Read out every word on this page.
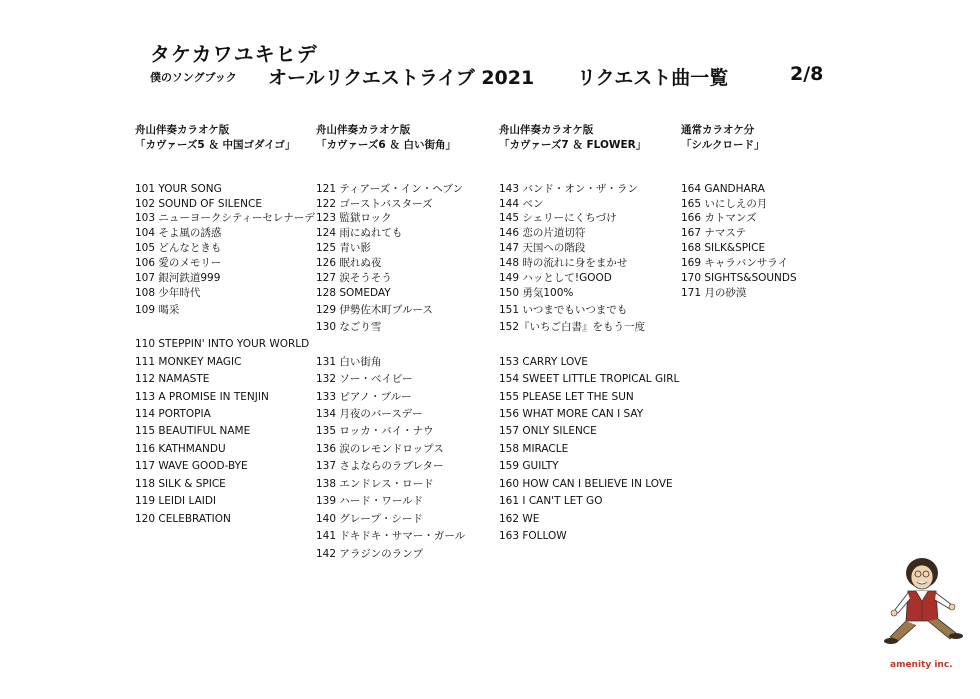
タケカワユキヒデ
僕のソングブック オールリクエストライブ 2021 リクエスト曲一覧	2/8
舟山伴奏カラオケ版
「カヴァーズ5 ＆ 中国ゴダイゴ」
101 YOUR SONG
102 SOUND OF SILENCE
103 ニューヨークシティーセレナーデ
104 そよ風の誘惑
105 どんなときも
106 愛のメモリー
107 銀河鉄道999
108 少年時代
109 喝采
110 STEPPIN' INTO YOUR WORLD
111 MONKEY MAGIC
112 NAMASTE
113 A PROMISE IN TENJIN
114 PORTOPIA
115 BEAUTIFUL NAME
116 KATHMANDU
117 WAVE GOOD-BYE
118 SILK & SPICE
119 LEIDI LAIDI
120 CELEBRATION
舟山伴奏カラオケ版
「カヴァーズ6 ＆ 白い街角」
121 ティアーズ・イン・ヘブン
122 ゴーストバスターズ
123 監獄ロック
124 雨にぬれても
125 青い影
126 眠れぬ夜
127 涙そうそう
128 SOMEDAY
129 伊勢佐木町ブルース
130 なごり雪
131 白い街角
132 ソー・ベイビー
133 ピアノ・ブルー
134 月夜のバースデー
135 ロッカ・バイ・ナウ
136 涙のレモンドロップス
137 さよならのラブレター
138 エンドレス・ロード
139 ハード・ワールド
140 グレープ・シード
141 ドキドキ・サマー・ガール
142 アラジンのランプ
舟山伴奏カラオケ版
「カヴァーズ7 ＆ FLOWER」
143 バンド・オン・ザ・ラン
144 ベン
145 シェリーにくちづけ
146 恋の片道切符
147 天国への階段
148 時の流れに身をまかせ
149 ハッとして!GOOD
150 勇気100%
151 いつまでもいつまでも
152『いちご白書』をもう一度
153 CARRY LOVE
154 SWEET LITTLE TROPICAL GIRL
155 PLEASE LET THE SUN
156 WHAT MORE CAN I SAY
157 ONLY SILENCE
158 MIRACLE
159 GUILTY
160 HOW CAN I BELIEVE IN LOVE
161 I CAN'T LET GO
162 WE
163 FOLLOW
通常カラオケ分
「シルクロード」
164 GANDHARA
165 いにしえの月
166 カトマンズ
167 ナマステ
168 SILK&SPICE
169 キャラバンサライ
170 SIGHTS&SOUNDS
171 月の砂漠
amenity inc.
